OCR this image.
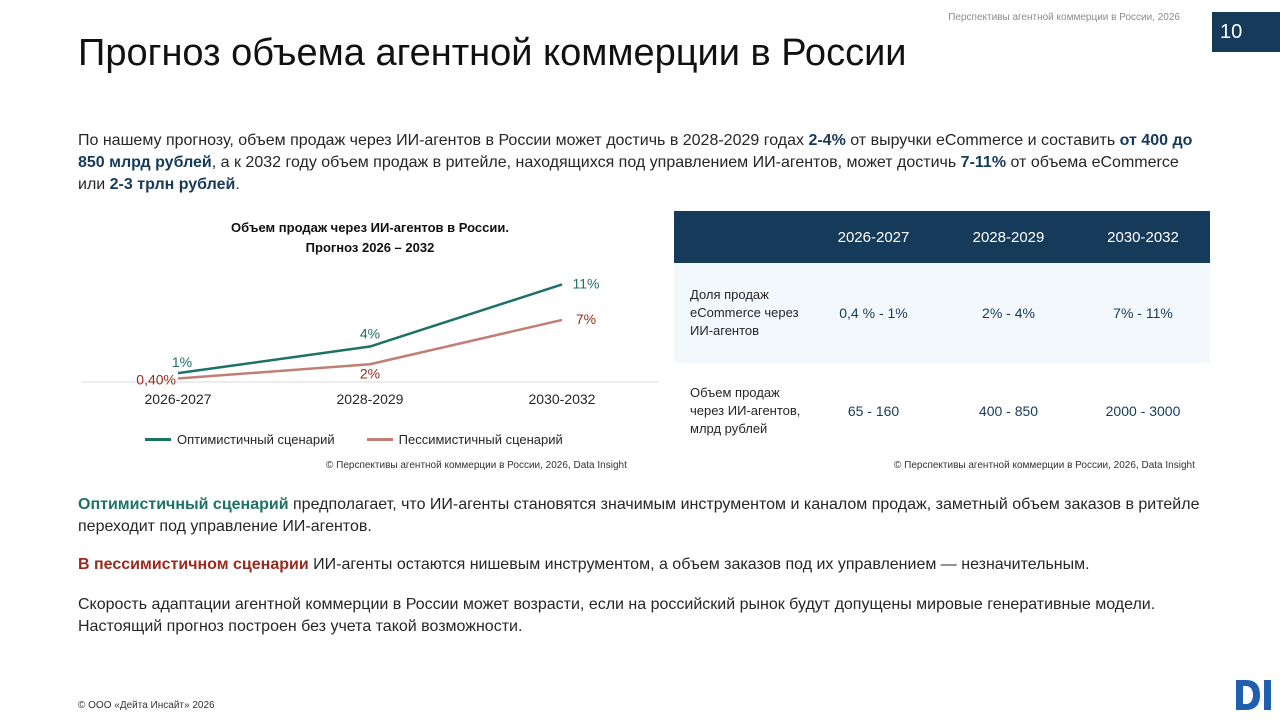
Перспективы агентной коммерции в России, 2026
10
Прогноз объема агентной коммерции в России

По нашему прогнозу, объем продаж через ИИ-агентов в России может достичь в 2028-2029 годах 2-4% от выручки eCommerce и составить от 400 до 850 млрд рублей, а к 2032 году объем продаж в ритейле, находящихся под управлением ИИ-агентов, может достичь 7-11% от объема eCommerce или 2-3 трлн рублей.

Объем продаж через ИИ-агентов в России.
Прогноз 2026 – 2032
2026-2027	2028-2029	2030-2032
1%
4%
11%
0,40%	2%
7%
Оптимистичный сценарий	Пессимистичный сценарий
© Перспективы агентной коммерции в России, 2026, Data Insight
	2026-2027	2028-2029	2030-2032
Доля продаж eCommerce через ИИ-агентов	0,4 % - 1%	2% - 4%	7% - 11%
Объем продаж через ИИ-агентов, млрд рублей	65 - 160	400 - 850	2000 - 3000
© Перспективы агентной коммерции в России, 2026, Data Insight

Оптимистичный сценарий предполагает, что ИИ-агенты становятся значимым инструментом и каналом продаж, заметный объем заказов в ритейле переходит под управление ИИ-агентов.

В пессимистичном сценарии ИИ-агенты остаются нишевым инструментом, а объем заказов под их управлением — незначительным.

Скорость адаптации агентной коммерции в России может возрасти, если на российский рынок будут допущены мировые генеративные модели. Настоящий прогноз построен без учета такой возможности.

© ООО «Дейта Инсайт» 2026
